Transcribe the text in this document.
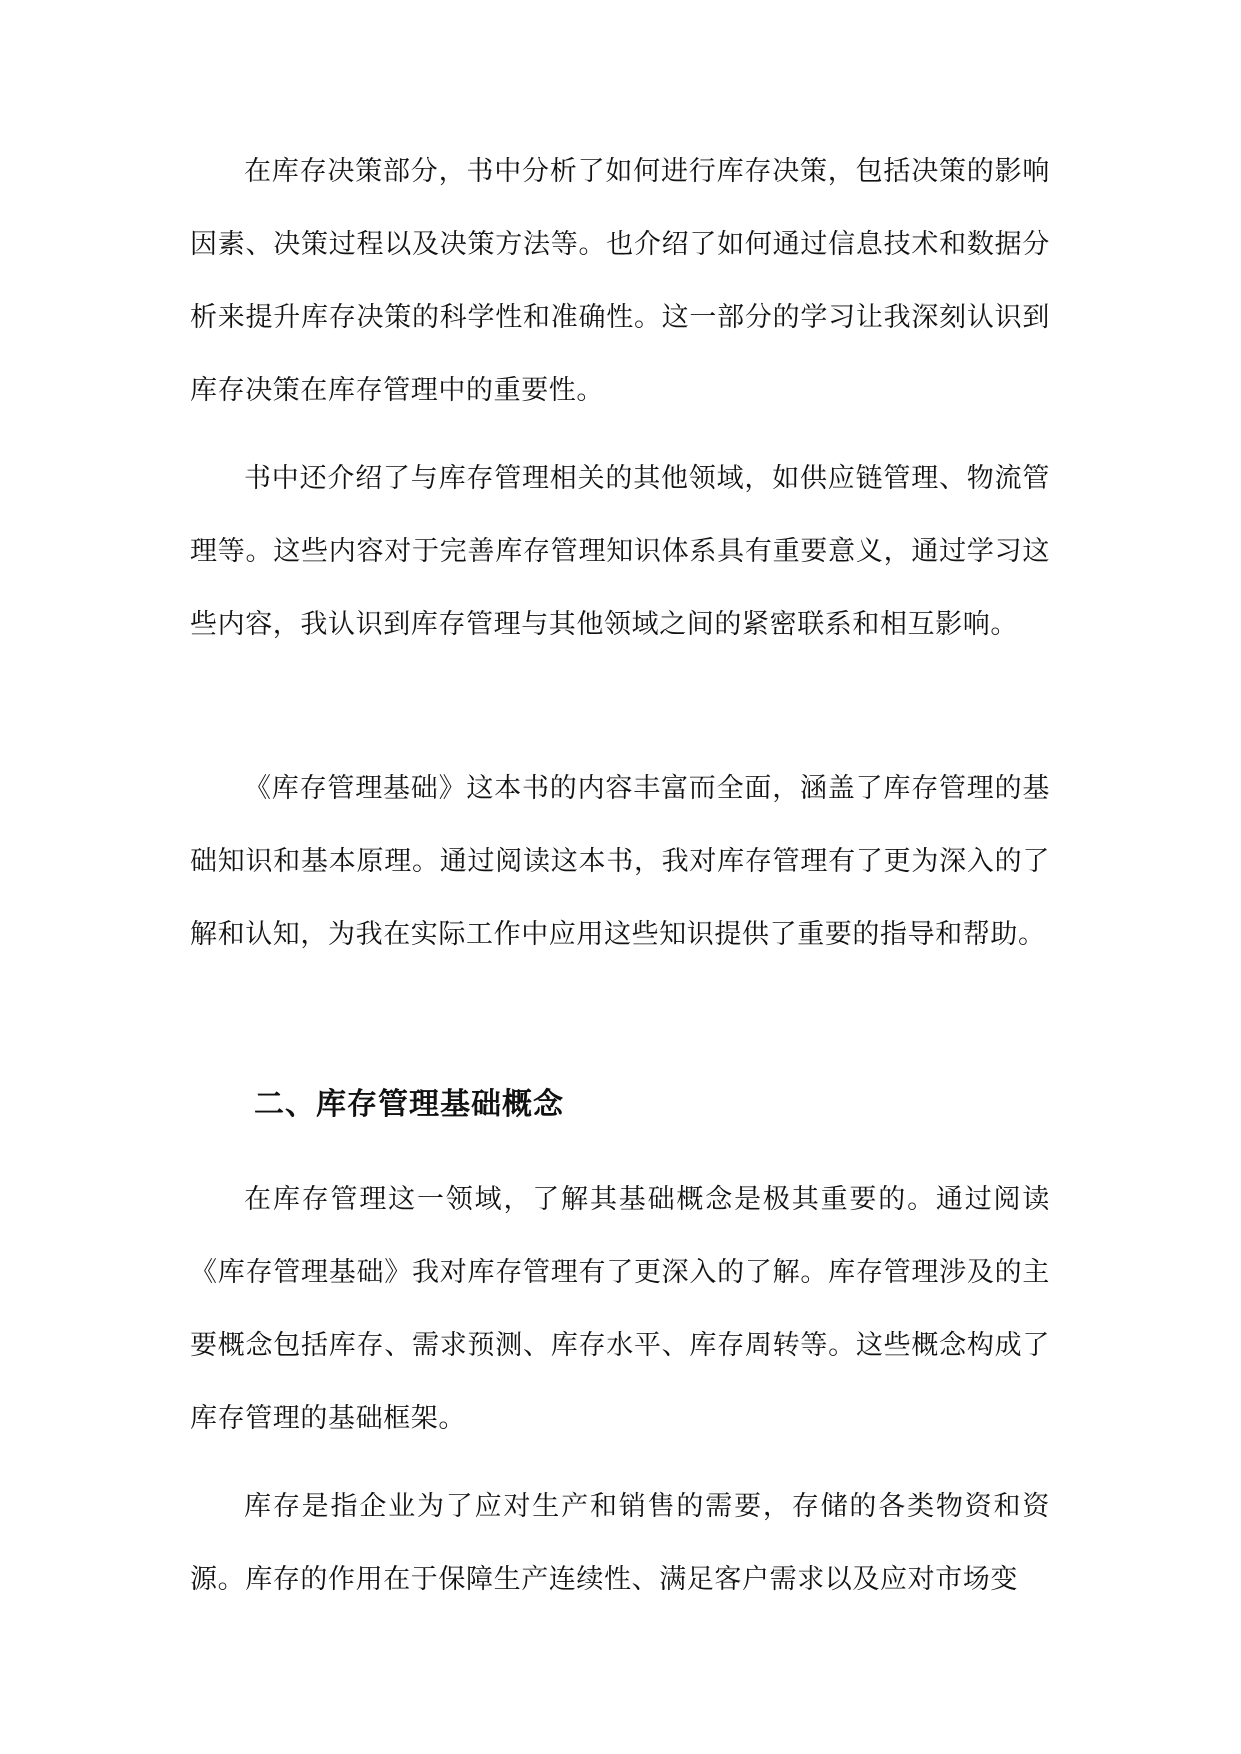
在库存决策部分，书中分析了如何进行库存决策，包括决策的影响因素、决策过程以及决策方法等。也介绍了如何通过信息技术和数据分析来提升库存决策的科学性和准确性。这一部分的学习让我深刻认识到库存决策在库存管理中的重要性。

书中还介绍了与库存管理相关的其他领域，如供应链管理、物流管理等。这些内容对于完善库存管理知识体系具有重要意义，通过学习这些内容，我认识到库存管理与其他领域之间的紧密联系和相互影响。

《库存管理基础》这本书的内容丰富而全面，涵盖了库存管理的基础知识和基本原理。通过阅读这本书，我对库存管理有了更为深入的了解和认知，为我在实际工作中应用这些知识提供了重要的指导和帮助。

二、库存管理基础概念

在库存管理这一领域，了解其基础概念是极其重要的。通过阅读《库存管理基础》我对库存管理有了更深入的了解。库存管理涉及的主要概念包括库存、需求预测、库存水平、库存周转等。这些概念构成了库存管理的基础框架。

库存是指企业为了应对生产和销售的需要，存储的各类物资和资源。库存的作用在于保障生产连续性、满足客户需求以及应对市场变
